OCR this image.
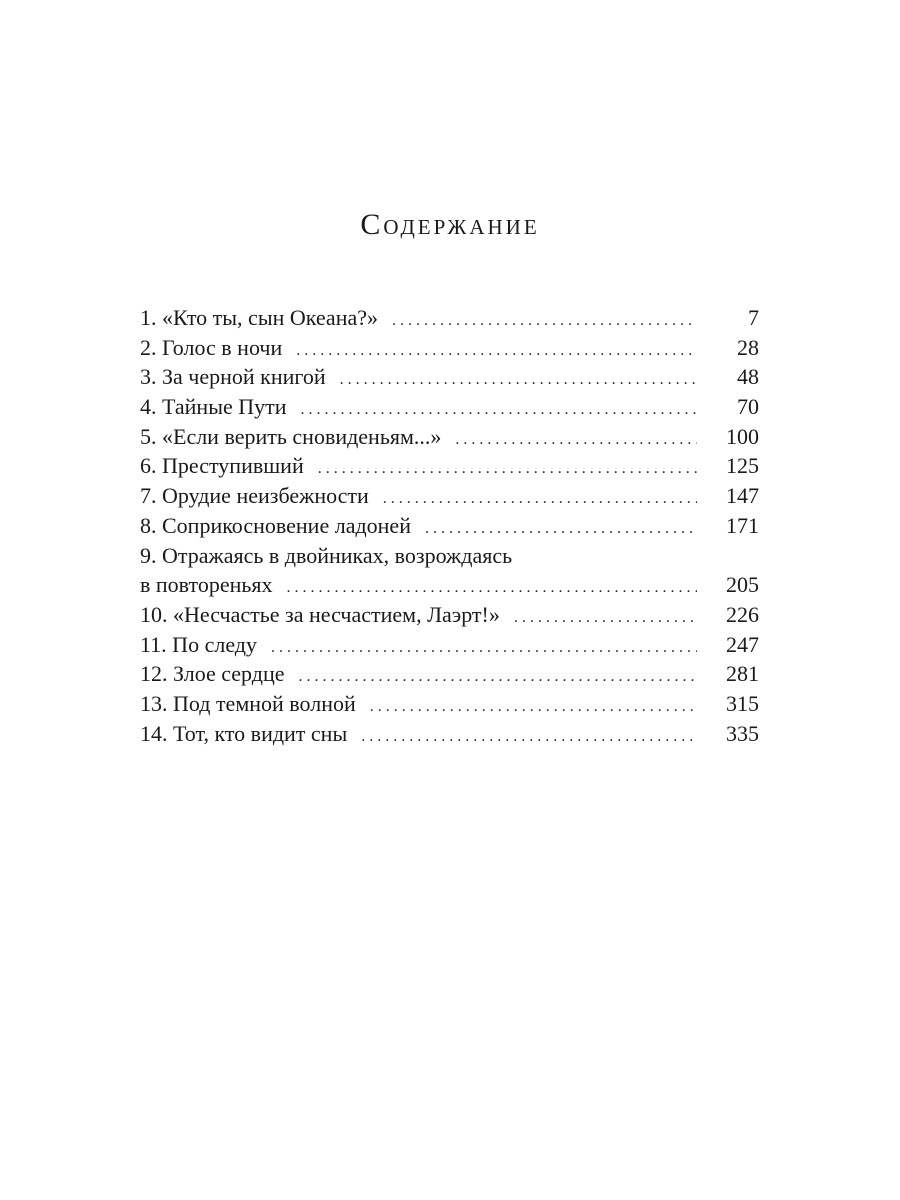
Содержание
1. «Кто ты, сын Океана?» . . .	7
2. Голос в ночи . . .	28
3. За черной книгой . . .	48
4. Тайные Пути . . .	70
5. «Если верить сновиденьям...» . . .	100
6. Преступивший . . .	125
7. Орудие неизбежности . . .	147
8. Соприкосновение ладоней . . .	171
9. Отражаясь в двойниках, возрождаясь
в повтореньях . . .	205
10. «Несчастье за несчастием, Лаэрт!» . . .	226
11. По следу . . .	247
12. Злое сердце . . .	281
13. Под темной волной . . .	315
14. Тот, кто видит сны . . .	335
